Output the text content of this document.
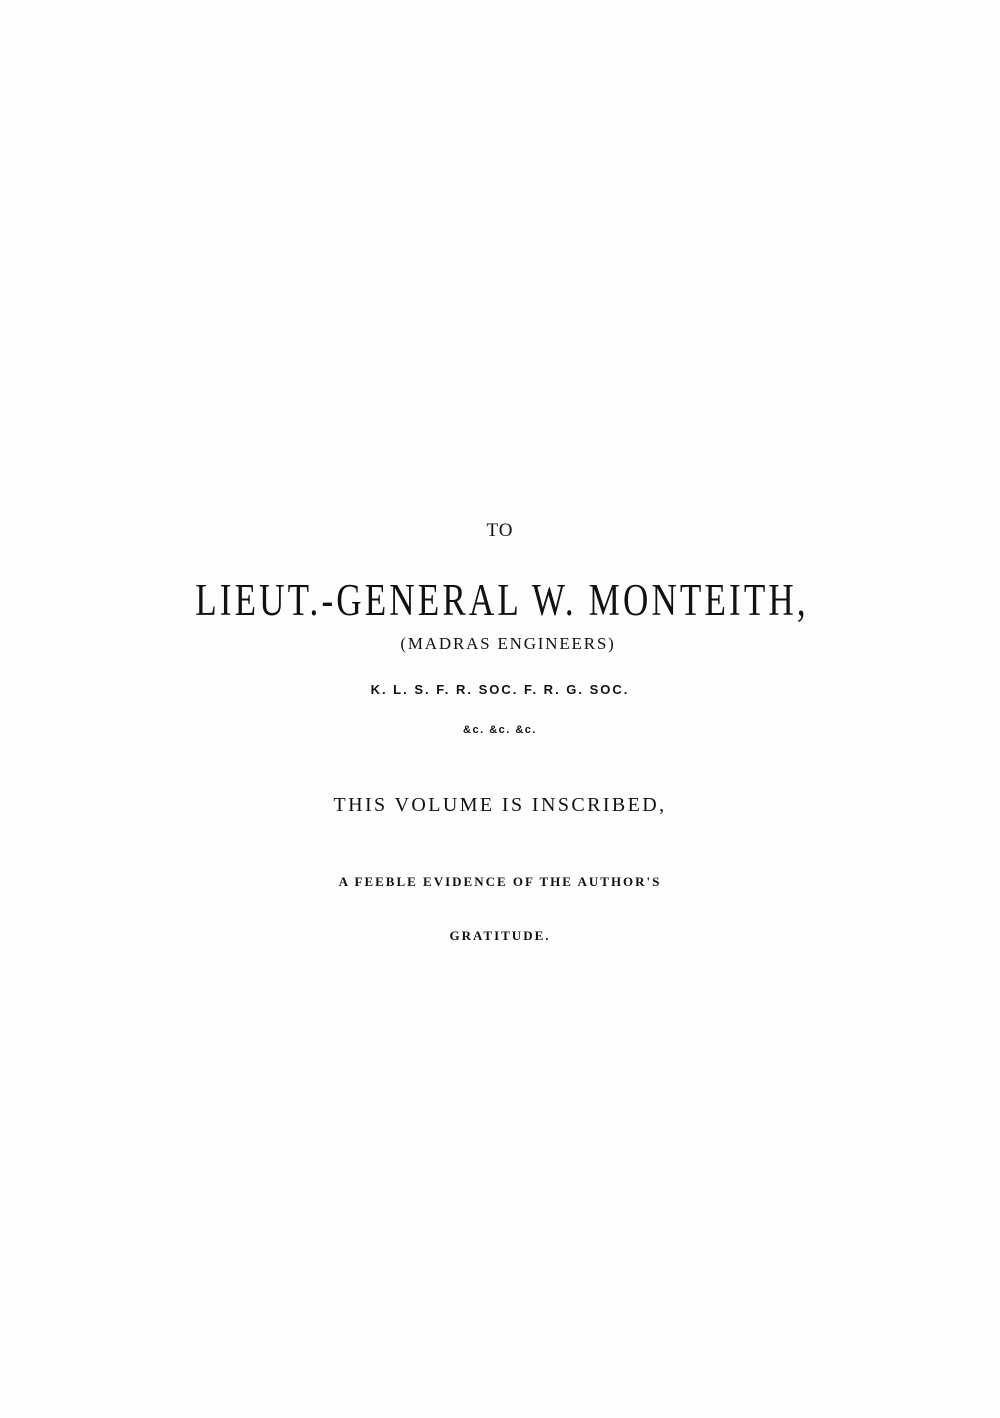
TO
LIEUT.-GENERAL W. MONTEITH,
(MADRAS ENGINEERS)
K. L. S. F. R. SOC. F. R. G. SOC.
&c. &c. &c.
THIS VOLUME IS INSCRIBED,
A FEEBLE EVIDENCE OF THE AUTHOR'S
GRATITUDE.
